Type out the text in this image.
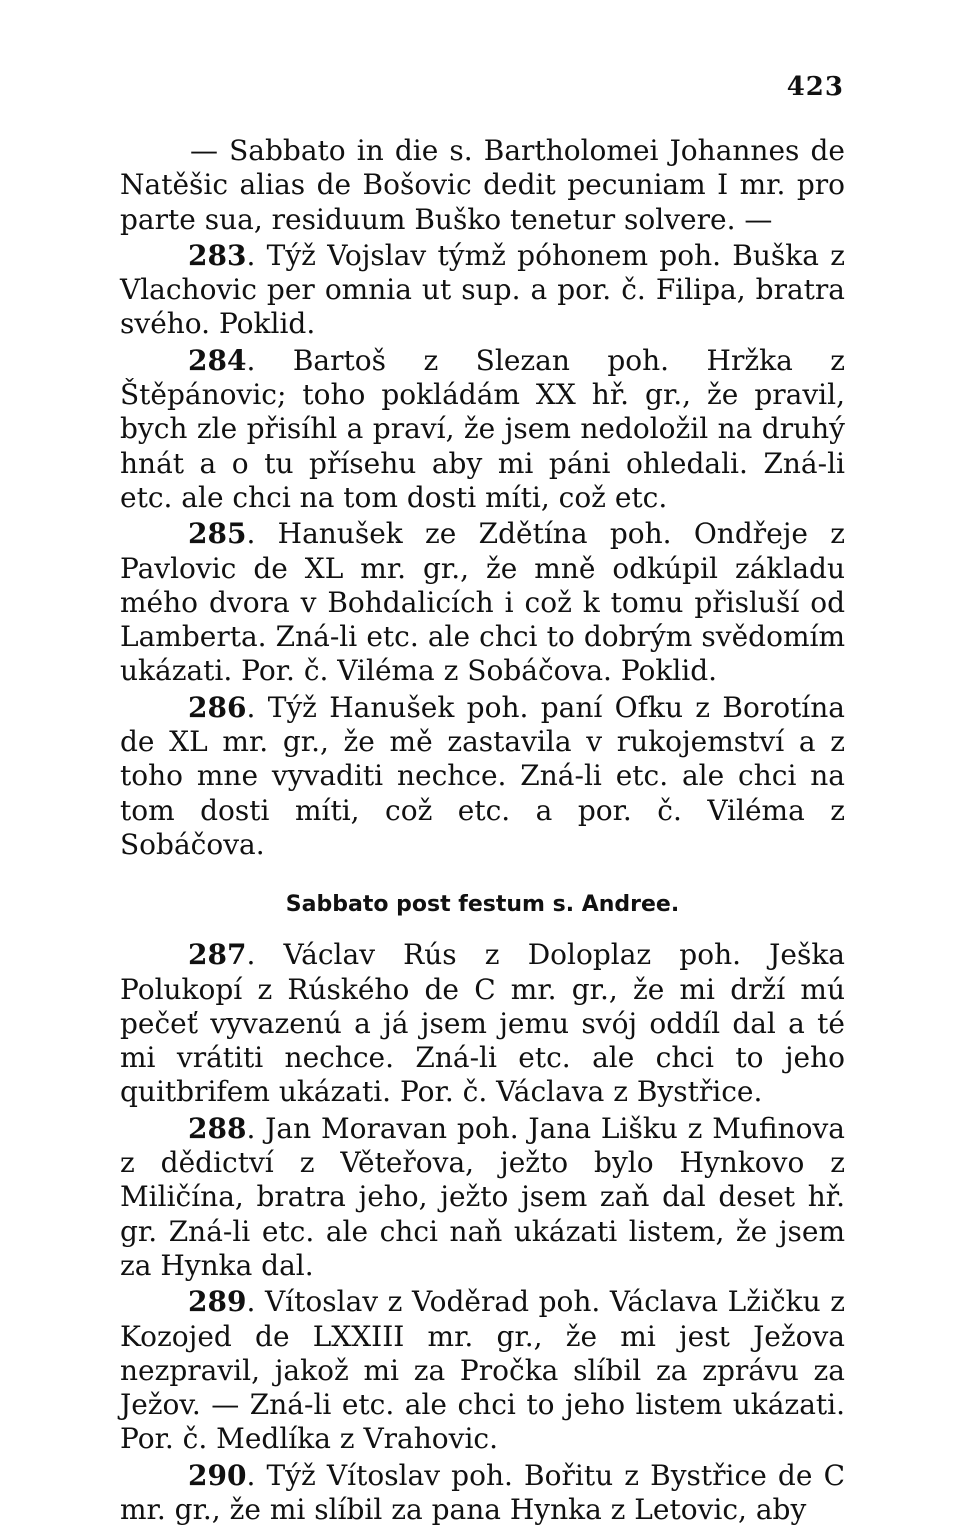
423

— Sabbato in die s. Bartholomei Johannes de Natěšic alias de Bošovic dedit pecuniam I mr. pro parte sua, residuum Buško tenetur solvere. —

283. Týž Vojslav týmž póhonem poh. Buška z Vlachovic per omnia ut sup. a por. č. Filipa, bratra svého. Poklid.

284. Bartoš z Slezan poh. Hržka z Štěpánovic; toho pokládám XX hř. gr., že pravil, bych zle přisíhl a praví, že jsem nedoložil na druhý hnát a o tu přísehu aby mi páni ohledali. Zná-li etc. ale chci na tom dosti míti, což etc.

285. Hanušek ze Zdětína poh. Ondřeje z Pavlovic de XL mr. gr., že mně odkúpil základu mého dvora v Bohdalicích i což k tomu přisluší od Lamberta. Zná-li etc. ale chci to dobrým svědomím ukázati. Por. č. Viléma z Sobáčova. Poklid.

286. Týž Hanušek poh. paní Ofku z Borotína de XL mr. gr., že mě zastavila v rukojemství a z toho mne vyvaditi nechce. Zná-li etc. ale chci na tom dosti míti, což etc. a por. č. Viléma z Sobáčova.

Sabbato post festum s. Andree.

287. Václav Rús z Doloplaz poh. Ješka Polukopí z Rúského de C mr. gr., že mi drží mú pečeť vyvazenú a já jsem jemu svój oddíl dal a té mi vrátiti nechce. Zná-li etc. ale chci to jeho quitbrifem ukázati. Por. č. Václava z Bystřice.

288. Jan Moravan poh. Jana Lišku z Mufinova z dědictví z Věteřova, ježto bylo Hynkovo z Miličína, bratra jeho, ježto jsem zaň dal deset hř. gr. Zná-li etc. ale chci naň ukázati listem, že jsem za Hynka dal.

289. Vítoslav z Voděrad poh. Václava Lžičku z Kozojed de LXXIII mr. gr., že mi jest Ježova nezpravil, jakož mi za Pročka slíbil za zprávu za Ježov. — Zná-li etc. ale chci to jeho listem ukázati. Por. č. Medlíka z Vrahovic.

290. Týž Vítoslav poh. Bořitu z Bystřice de C mr. gr., že mi slíbil za pana Hynka z Letovic, aby
